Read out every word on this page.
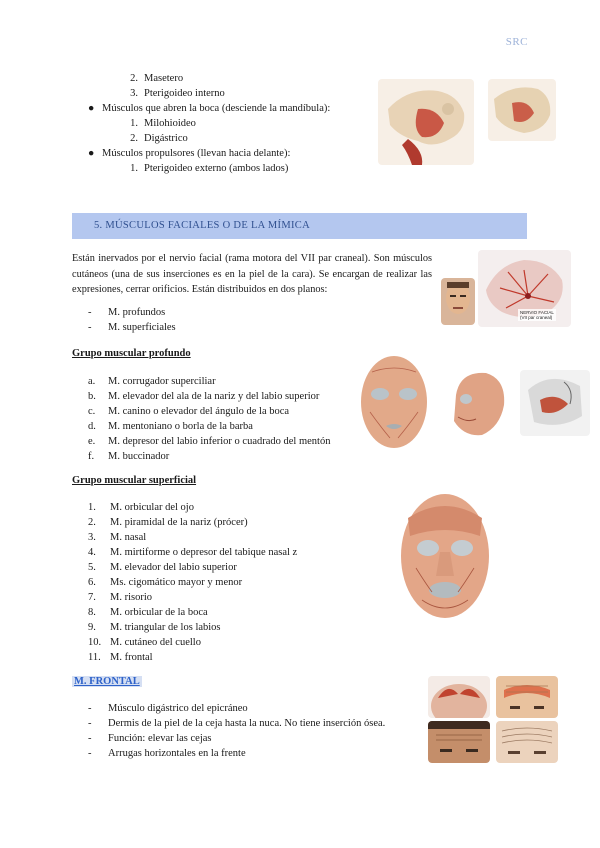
SRC
2. Masetero
3. Pterigoideo interno
● Músculos que abren la boca (desciende la mandíbula):
1. Milohioideo
2. Digástrico
● Músculos propulsores (llevan hacia delante):
1. Pterigoideo externo (ambos lados)
5. MÚSCULOS FACIALES O DE LA MÍMICA
Están inervados por el nervio facial (rama motora del VII par craneal). Son músculos cutáneos (una de sus inserciones es en la piel de la cara). Se encargan de realizar las expresiones, cerrar orificios. Están distribuidos en dos planos:
NERVIO FACIAL
(VII par craneal)
- M. profundos
- M. superficiales
Grupo muscular profundo
a. M. corrugador superciliar
b. M. elevador del ala de la nariz y del labio superior
c. M. canino o elevador del ángulo de la boca
d. M. mentoniano o borla de la barba
e. M. depresor del labio inferior o cuadrado del mentón
f. M. buccinador
Grupo muscular superficial
1. M. orbicular del ojo
2. M. piramidal de la nariz (prócer)
3. M. nasal
4. M. mirtiforme o depresor del tabique nasal z
5. M. elevador del labio superior
6. Ms. cigomático mayor y menor
7. M. risorio
8. M. orbicular de la boca
9. M. triangular de los labios
10. M. cutáneo del cuello
11. M. frontal
M. FRONTAL
- Músculo digástrico del epicráneo
- Dermis de la piel de la ceja hasta la nuca. No tiene inserción ósea.
- Función: elevar las cejas
- Arrugas horizontales en la frente
